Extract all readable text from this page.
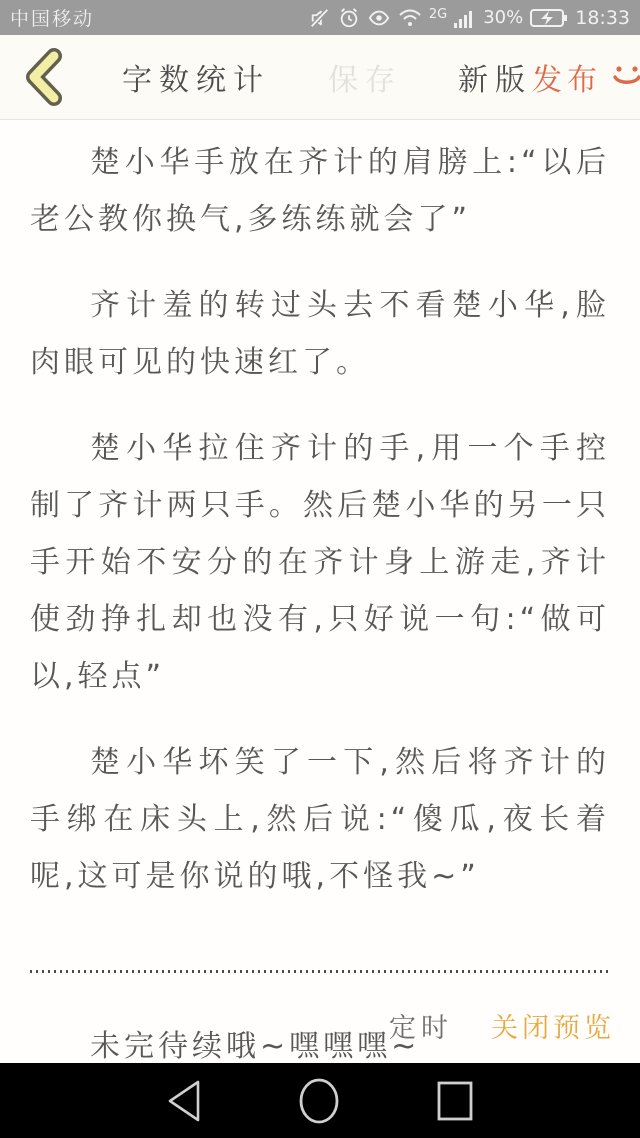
中国移动	2G 30%	18:33
字数统计 保存 新版 发布

楚小华手放在齐计的肩膀上:“以后老公教你换气,多练练就会了”

齐计羞的转过头去不看楚小华,脸肉眼可见的快速红了。

楚小华拉住齐计的手,用一个手控制了齐计两只手。然后楚小华的另一只手开始不安分的在齐计身上游走,齐计使劲挣扎却也没有,只好说一句:“做可以,轻点”

楚小华坏笑了一下,然后将齐计的手绑在床头上,然后说:“傻瓜,夜长着呢,这可是你说的哦,不怪我~”

未完待续哦~嘿嘿嘿~

定时 关闭预览
